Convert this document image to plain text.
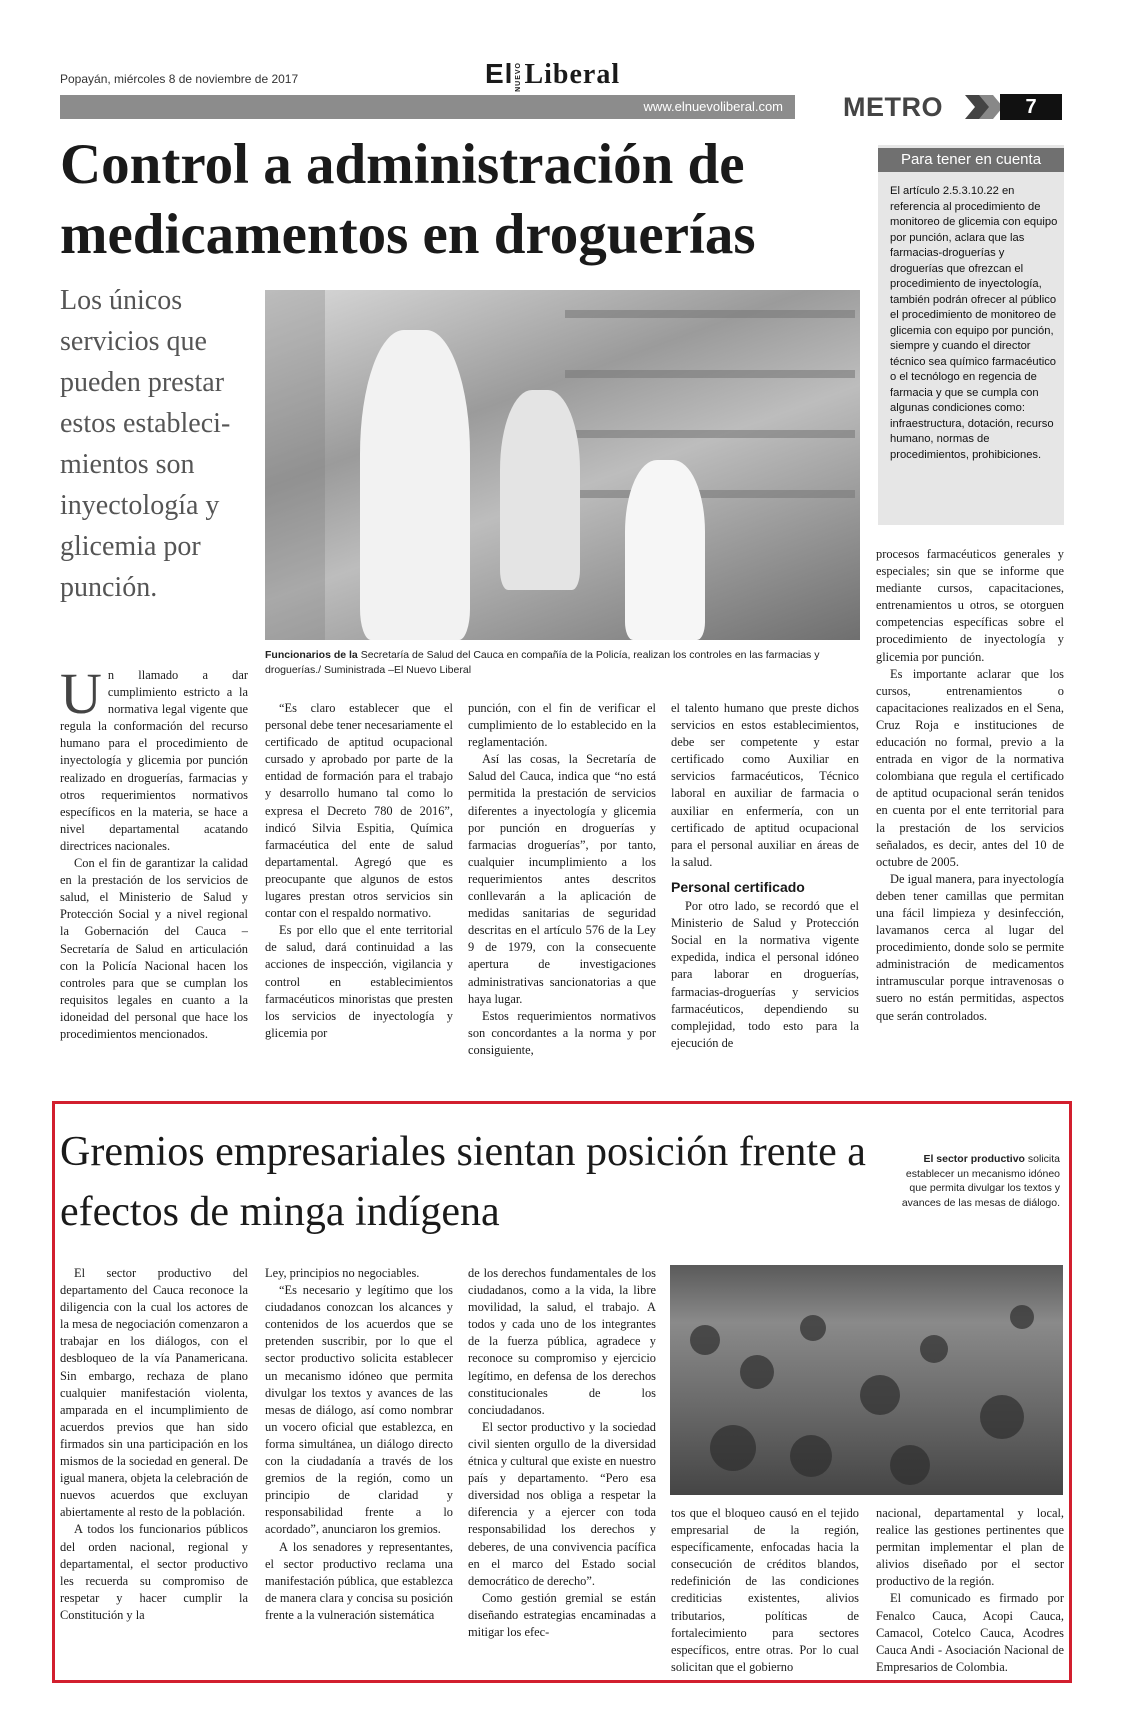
Popayán, miércoles 8 de noviembre de 2017	El NUEVOLiberal
www.elnuevoliberal.com METRO	7
Control a administración de medicamentos en droguerías
Los únicos servicios que pueden prestar estos estableci-mientos son inyectología y glicemia por punción.
Funcionarios de la Secretaría de Salud del Cauca en compañía de la Policía, realizan los controles en las farmacias y droguerías./ Suministrada –El Nuevo Liberal
Para tener en cuenta
El artículo 2.5.3.10.22 en referencia al procedimiento de monitoreo de glicemia con equipo por punción, aclara que las farmacias-droguerías y droguerías que ofrezcan el procedimiento de inyectología, también podrán ofrecer al público el procedimiento de monitoreo de glicemia con equipo por punción, siempre y cuando el director técnico sea químico farmacéutico o el tecnólogo en regencia de farmacia y que se cumpla con algunas condiciones como: infraestructura, dotación, recurso humano, normas de procedimientos, prohibiciones.
U n llamado a dar cumplimiento estricto a la normativa legal vigente que regula la conformación del recurso humano para el procedimiento de inyectología y glicemia por punción realizado en droguerías, farmacias y otros requerimientos normativos específicos en la materia, se hace a nivel departamental acatando directrices nacionales.

Con el fin de garantizar la calidad en la prestación de los servicios de salud, el Ministerio de Salud y Protección Social y a nivel regional la Gobernación del Cauca – Secretaría de Salud en articulación con la Policía Nacional hacen los controles para que se cumplan los requisitos legales en cuanto a la idoneidad del personal que hace los procedimientos mencionados.

“Es claro establecer que el personal debe tener necesariamente el certificado de aptitud ocupacional cursado y aprobado por parte de la entidad de formación para el trabajo y desarrollo humano tal como lo expresa el Decreto 780 de 2016”, indicó Silvia Espitia, Química farmacéutica del ente de salud departamental. Agregó que es preocupante que algunos de estos lugares prestan otros servicios sin contar con el respaldo normativo.

Es por ello que el ente territorial de salud, dará continuidad a las acciones de inspección, vigilancia y control en establecimientos farmacéuticos minoristas que presten los servicios de inyectología y glicemia por

punción, con el fin de verificar el cumplimiento de lo establecido en la reglamentación.

Así las cosas, la Secretaría de Salud del Cauca, indica que “no está permitida la prestación de servicios diferentes a inyectología y glicemia por punción en droguerías y farmacias droguerías”, por tanto, cualquier incumplimiento a los requerimientos antes descritos conllevarán a la aplicación de medidas sanitarias de seguridad descritas en el artículo 576 de la Ley 9 de 1979, con la consecuente apertura de investigaciones administrativas sancionatorias a que haya lugar.

Estos requerimientos normativos son concordantes a la norma y por consiguiente,

el talento humano que preste dichos servicios en estos establecimientos, debe ser competente y estar certificado como Auxiliar en servicios farmacéuticos, Técnico laboral en auxiliar de farmacia o auxiliar en enfermería, con un certificado de aptitud ocupacional para el personal auxiliar en áreas de la salud.

Personal certificado

Por otro lado, se recordó que el Ministerio de Salud y Protección Social en la normativa vigente expedida, indica el personal idóneo para laborar en droguerías, farmacias-droguerías y servicios farmacéuticos, dependiendo su complejidad, todo esto para la ejecución de

procesos farmacéuticos generales y especiales; sin que se informe que mediante cursos, capacitaciones, entrenamientos u otros, se otorguen competencias específicas sobre el procedimiento de inyectología y glicemia por punción.

Es importante aclarar que los cursos, entrenamientos o capacitaciones realizados en el Sena, Cruz Roja e instituciones de educación no formal, previo a la entrada en vigor de la normativa colombiana que regula el certificado de aptitud ocupacional serán tenidos en cuenta por el ente territorial para la prestación de los servicios señalados, es decir, antes del 10 de octubre de 2005.

De igual manera, para inyectología deben tener camillas que permitan una fácil limpieza y desinfección, lavamanos cerca al lugar del procedimiento, donde solo se permite administración de medicamentos intramuscular porque intravenosas o suero no están permitidas, aspectos que serán controlados.

Gremios empresariales sientan posición frente a efectos de minga indígena
El sector productivo solicita establecer un mecanismo idóneo que permita divulgar los textos y avances de las mesas de diálogo.

El sector productivo del departamento del Cauca reconoce la diligencia con la cual los actores de la mesa de negociación comenzaron a trabajar en los diálogos, con el desbloqueo de la vía Panamericana. Sin embargo, rechaza de plano cualquier manifestación violenta, amparada en el incumplimiento de acuerdos previos que han sido firmados sin una participación en los mismos de la sociedad en general. De igual manera, objeta la celebración de nuevos acuerdos que excluyan abiertamente al resto de la población.

A todos los funcionarios públicos del orden nacional, regional y departamental, el sector productivo les recuerda su compromiso de respetar y hacer cumplir la Constitución y la

Ley, principios no negociables.

“Es necesario y legítimo que los ciudadanos conozcan los alcances y contenidos de los acuerdos que se pretenden suscribir, por lo que el sector productivo solicita establecer un mecanismo idóneo que permita divulgar los textos y avances de las mesas de diálogo, así como nombrar un vocero oficial que establezca, en forma simultánea, un diálogo directo con la ciudadanía a través de los gremios de la región, como un principio de claridad y responsabilidad frente a lo acordado”, anunciaron los gremios.

A los senadores y representantes, el sector productivo reclama una manifestación pública, que establezca de manera clara y concisa su posición frente a la vulneración sistemática

de los derechos fundamentales de los ciudadanos, como a la vida, la libre movilidad, la salud, el trabajo. A todos y cada uno de los integrantes de la fuerza pública, agradece y reconoce su compromiso y ejercicio legítimo, en defensa de los derechos constitucionales de los conciudadanos.

El sector productivo y la sociedad civil sienten orgullo de la diversidad étnica y cultural que existe en nuestro país y departamento. “Pero esa diversidad nos obliga a respetar la diferencia y a ejercer con toda responsabilidad los derechos y deberes, de una convivencia pacífica en el marco del Estado social democrático de derecho”.

Como gestión gremial se están diseñando estrategias encaminadas a mitigar los efec-

tos que el bloqueo causó en el tejido empresarial de la región, específicamente, enfocadas hacia la consecución de créditos blandos, redefinición de las condiciones crediticias existentes, alivios tributarios, políticas de fortalecimiento para sectores específicos, entre otras. Por lo cual solicitan que el gobierno

nacional, departamental y local, realice las gestiones pertinentes que permitan implementar el plan de alivios diseñado por el sector productivo de la región.

El comunicado es firmado por Fenalco Cauca, Acopi Cauca, Camacol, Cotelco Cauca, Acodres Cauca Andi - Asociación Nacional de Empresarios de Colombia.
